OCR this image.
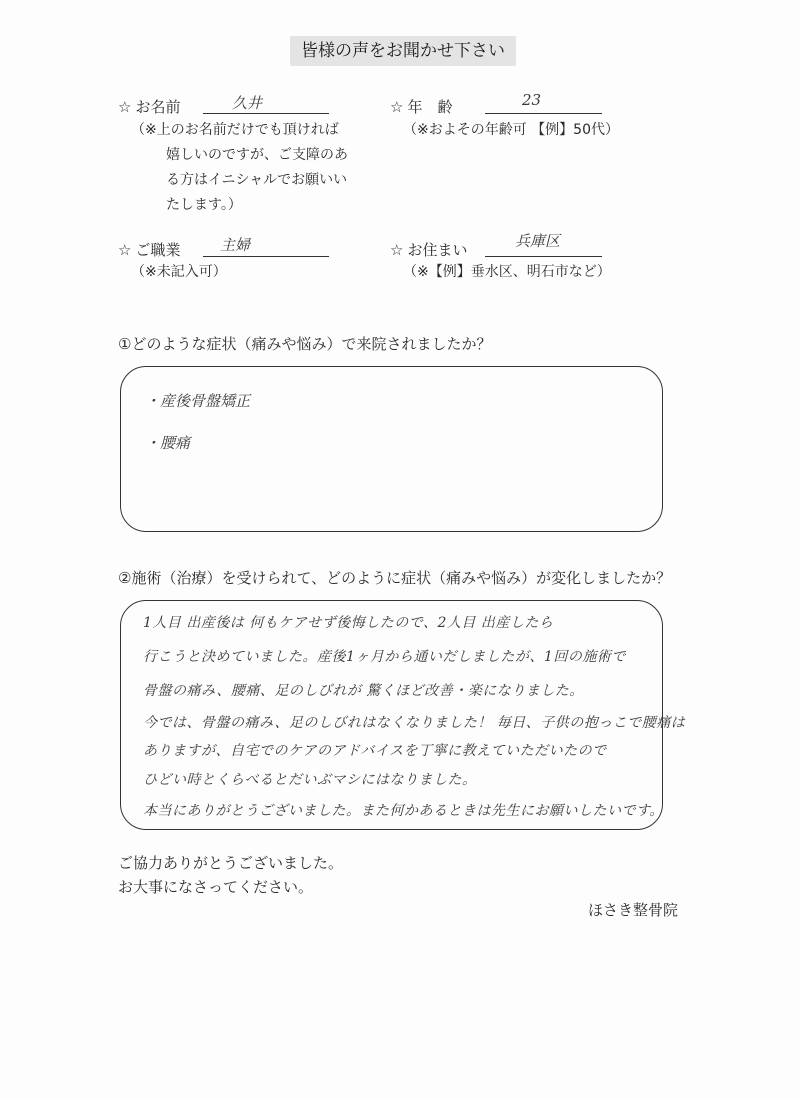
皆様の声をお聞かせ下さい
☆ お名前	久井
（※上のお名前だけでも頂ければ
嬉しいのですが、ご支障のあ
る方はイニシャルでお願いい
たします。）
☆ 年　齢	23
（※およその年齢可 【例】50代）
☆ ご職業	主婦
（※未記入可）
☆ お住まい	兵庫区
（※【例】垂水区、明石市など）
①どのような症状（痛みや悩み）で来院されましたか？
・産後骨盤矯正
・腰痛
②施術（治療）を受けられて、どのように症状（痛みや悩み）が変化しましたか？
1人目 出産後は 何もケアせず後悔したので、2人目 出産したら
行こうと決めていました。産後1ヶ月から通いだしましたが、1回の施術で
骨盤の痛み、腰痛、足のしびれが 驚くほど改善・楽になりました。
今では、骨盤の痛み、足のしびれはなくなりました！ 毎日、子供の抱っこで腰痛は
ありますが、自宅でのケアのアドバイスを丁寧に教えていただいたので
ひどい時とくらべるとだいぶマシにはなりました。
本当にありがとうございました。また何かあるときは先生にお願いしたいです。
ご協力ありがとうございました。
お大事になさってください。
ほさき整骨院
